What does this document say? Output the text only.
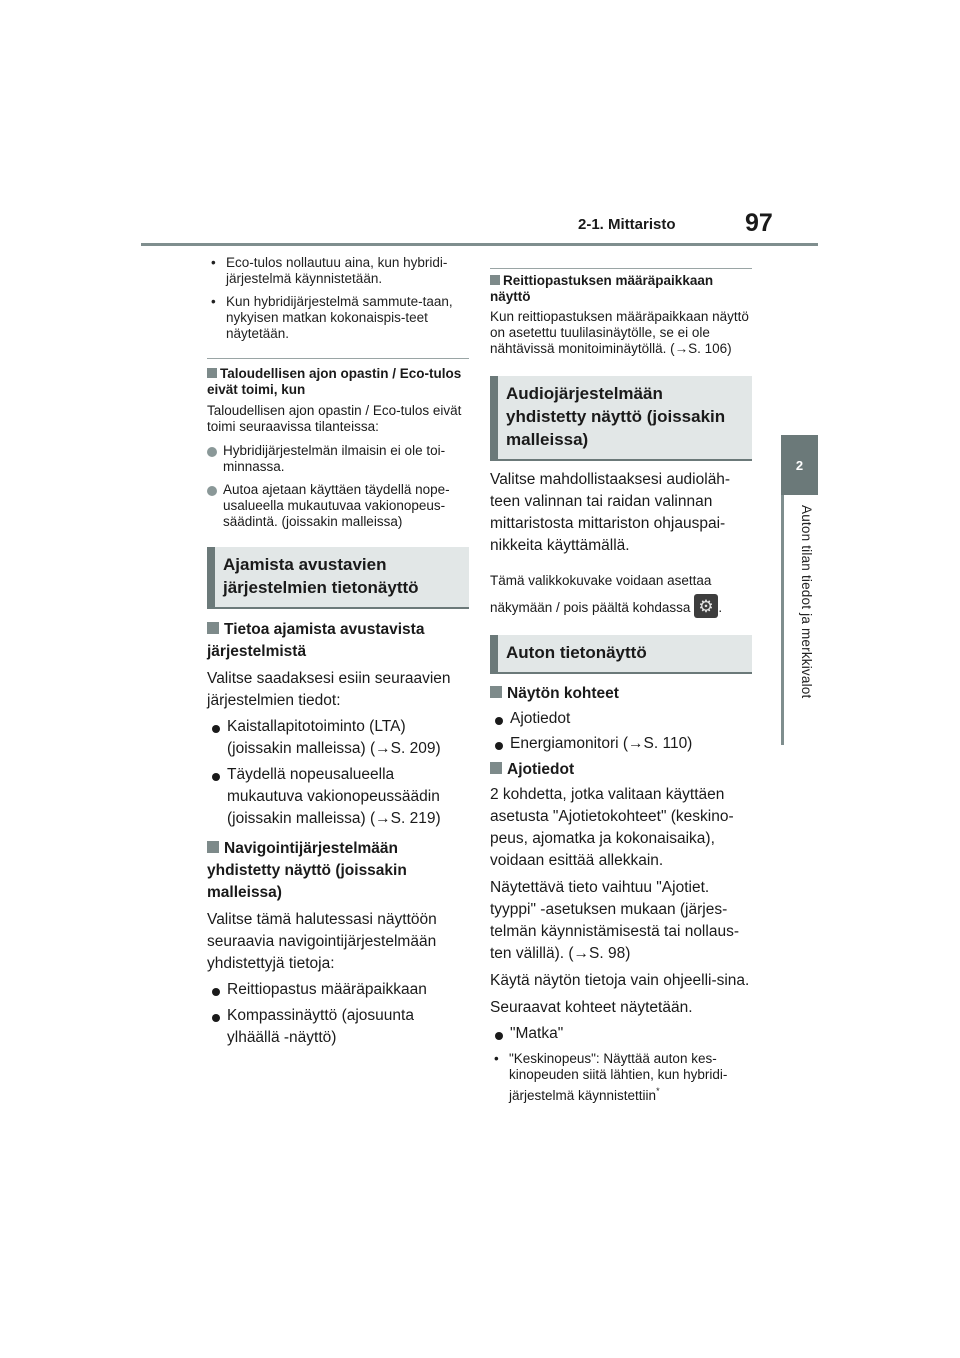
2-1. Mittaristo	97
2
Auton tilan tiedot ja merkkivalot
• Eco-tulos nollautuu aina, kun hybridi-järjestelmä käynnistetään.
• Kun hybridijärjestelmä sammute-taan, nykyisen matkan kokonaispis-teet näytetään.
Taloudellisen ajon opastin / Eco-tulos eivät toimi, kun
Taloudellisen ajon opastin / Eco-tulos eivät toimi seuraavissa tilanteissa:
Hybridijärjestelmän ilmaisin ei ole toi-minnassa.
Autoa ajetaan käyttäen täydellä nope-usalueella mukautuvaa vakionopeus-säädintä. (joissakin malleissa)
Ajamista avustavien järjestelmien tietonäyttö
Tietoa ajamista avustavista järjestelmistä
Valitse saadaksesi esiin seuraavien järjestelmien tiedot:
Kaistallapitotoiminto (LTA) (joissakin malleissa) (→S. 209)
Täydellä nopeusalueella mukautuva vakionopeussäädin (joissakin malleissa) (→S. 219)
Navigointijärjestelmään yhdistetty näyttö (joissakin malleissa)
Valitse tämä halutessasi näyttöön seuraavia navigointijärjestelmään yhdistettyjä tietoja:
Reittiopastus määräpaikkaan
Kompassinäyttö (ajosuunta ylhäällä -näyttö)
Reittiopastuksen määräpaikkaan näyttö
Kun reittiopastuksen määräpaikkaan näyttö on asetettu tuulilasinäytölle, se ei ole nähtävissä monitoiminäytöllä. (→S. 106)
Audiojärjestelmään yhdistetty näyttö (joissakin malleissa)
Valitse mahdollistaaksesi audioläh-teen valinnan tai raidan valinnan mittaristosta mittariston ohjauspai-nikkeita käyttämällä.
Tämä valikkokuvake voidaan asettaa näkymään / pois päältä kohdassa⚙ .
Auton tietonäyttö
Näytön kohteet
Ajotiedot
Energiamonitori (→S. 110)
Ajotiedot
2 kohdetta, jotka valitaan käyttäen asetusta "Ajotietokohteet" (keskino-peus, ajomatka ja kokonaisaika), voidaan esittää allekkain.
Näytettävä tieto vaihtuu "Ajotiet. tyyppi" -asetuksen mukaan (järjes-telmän käynnistämisestä tai nollaus-ten välillä). (→S. 98)
Käytä näytön tietoja vain ohjeelli-sina.
Seuraavat kohteet näytetään.
"Matka"
• "Keskinopeus": Näyttää auton kes-kinopeuden siitä lähtien, kun hybridi-järjestelmä käynnistettiin*
